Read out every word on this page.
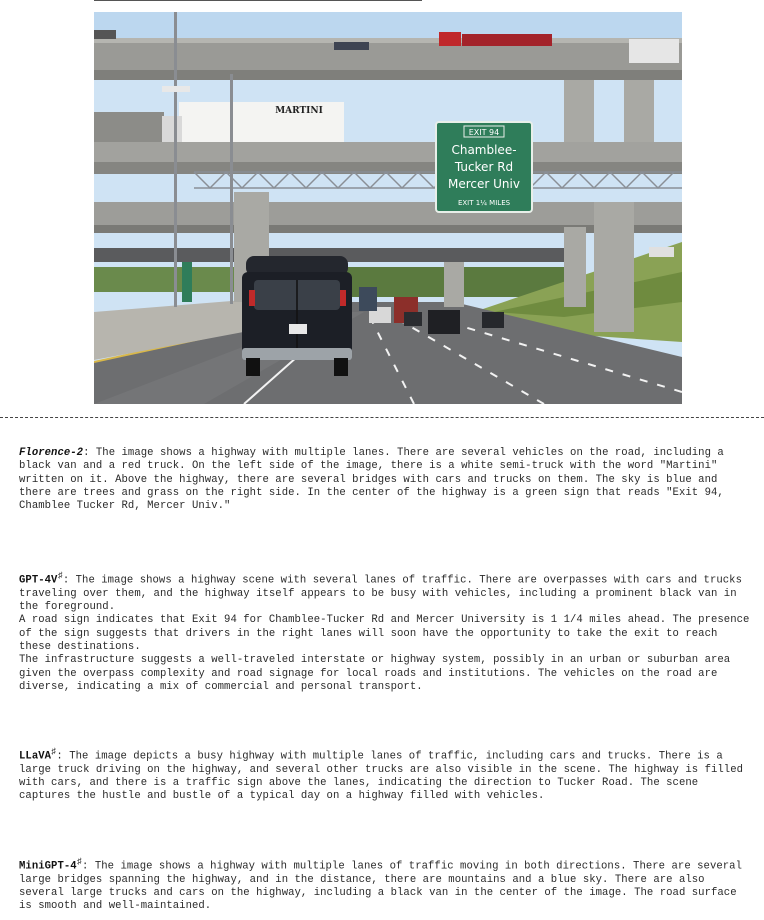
MARTINI
EXIT 94
Chamblee-
Tucker Rd
Mercer Univ
EXIT 1¼ MILES

Florence-2: The image shows a highway with multiple lanes. There are several vehicles on the road, including a black van and a red truck. On the left side of the image, there is a white semi-truck with the word "Martini" written on it. Above the highway, there are several bridges with cars and trucks on them. The sky is blue and there are trees and grass on the right side. In the center of the highway is a green sign that reads "Exit 94, Chamblee Tucker Rd, Mercer Univ."

GPT-4V♯: The image shows a highway scene with several lanes of traffic. There are overpasses with cars and trucks traveling over them, and the highway itself appears to be busy with vehicles, including a prominent black van in the foreground.

A road sign indicates that Exit 94 for Chamblee-Tucker Rd and Mercer University is 1 1/4 miles ahead. The presence of the sign suggests that drivers in the right lanes will soon have the opportunity to take the exit to reach these destinations.

The infrastructure suggests a well-traveled interstate or highway system, possibly in an urban or suburban area given the overpass complexity and road signage for local roads and institutions. The vehicles on the road are diverse, indicating a mix of commercial and personal transport.

LLaVA♯: The image depicts a busy highway with multiple lanes of traffic, including cars and trucks. There is a large truck driving on the highway, and several other trucks are also visible in the scene. The highway is filled with cars, and there is a traffic sign above the lanes, indicating the direction to Tucker Road. The scene captures the hustle and bustle of a typical day on a highway filled with vehicles.

MiniGPT-4♯: The image shows a highway with multiple lanes of traffic moving in both directions. There are several large bridges spanning the highway, and in the distance, there are mountains and a blue sky. There are also several large trucks and cars on the highway, including a black van in the center of the image. The road surface is smooth and well-maintained.
